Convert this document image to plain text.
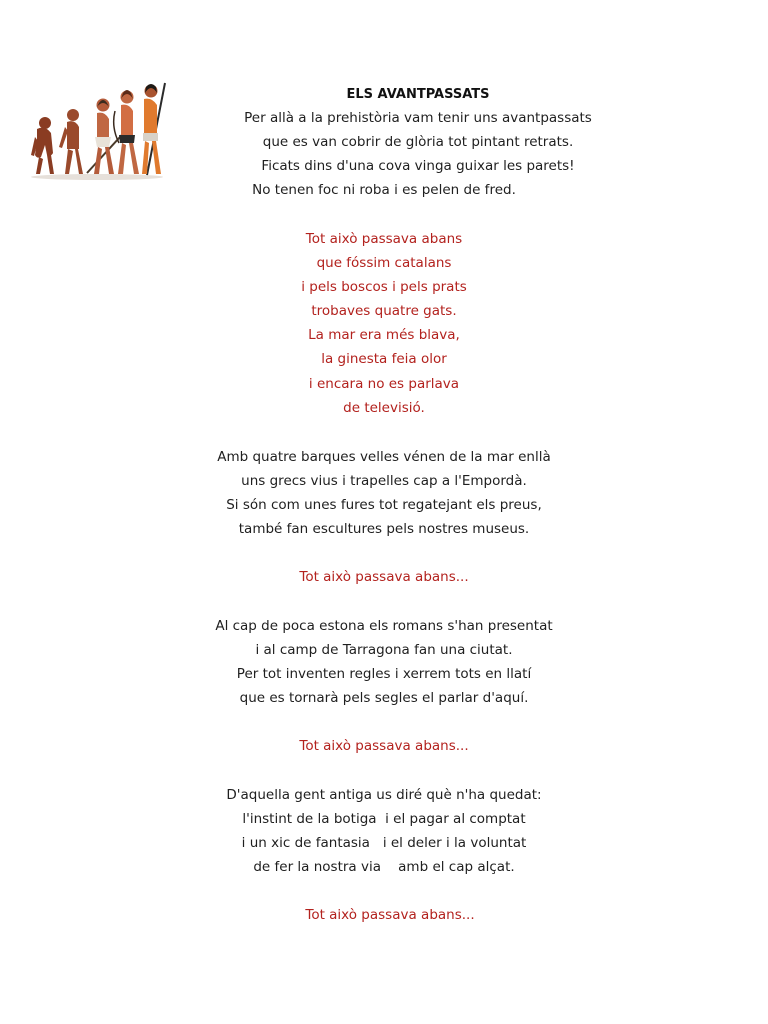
ELS AVANTPASSATS
Per allà a la prehistòria vam tenir uns avantpassats
que es van cobrir de glòria tot pintant retrats.
Ficats dins d'una cova vinga guixar les parets!
No tenen foc ni roba i es pelen de fred.
Tot això passava abans
que fóssim catalans
i pels boscos i pels prats
trobaves quatre gats.
La mar era més blava,
la ginesta feia olor
i encara no es parlava
de televisió.
Amb quatre barques velles vénen de la mar enllà
uns grecs vius i trapelles cap a l'Empordà.
Si són com unes fures tot regatejant els preus,
també fan escultures pels nostres museus.
Tot això passava abans...
Al cap de poca estona els romans s'han presentat
i al camp de Tarragona fan una ciutat.
Per tot inventen regles i xerrem tots en llatí
que es tornarà pels segles el parlar d'aquí.
Tot això passava abans...
D'aquella gent antiga us diré què n'ha quedat:
l'instint de la botiga  i el pagar al comptat
i un xic de fantasia   i el deler i la voluntat
de fer la nostra via    amb el cap alçat.
Tot això passava abans...
